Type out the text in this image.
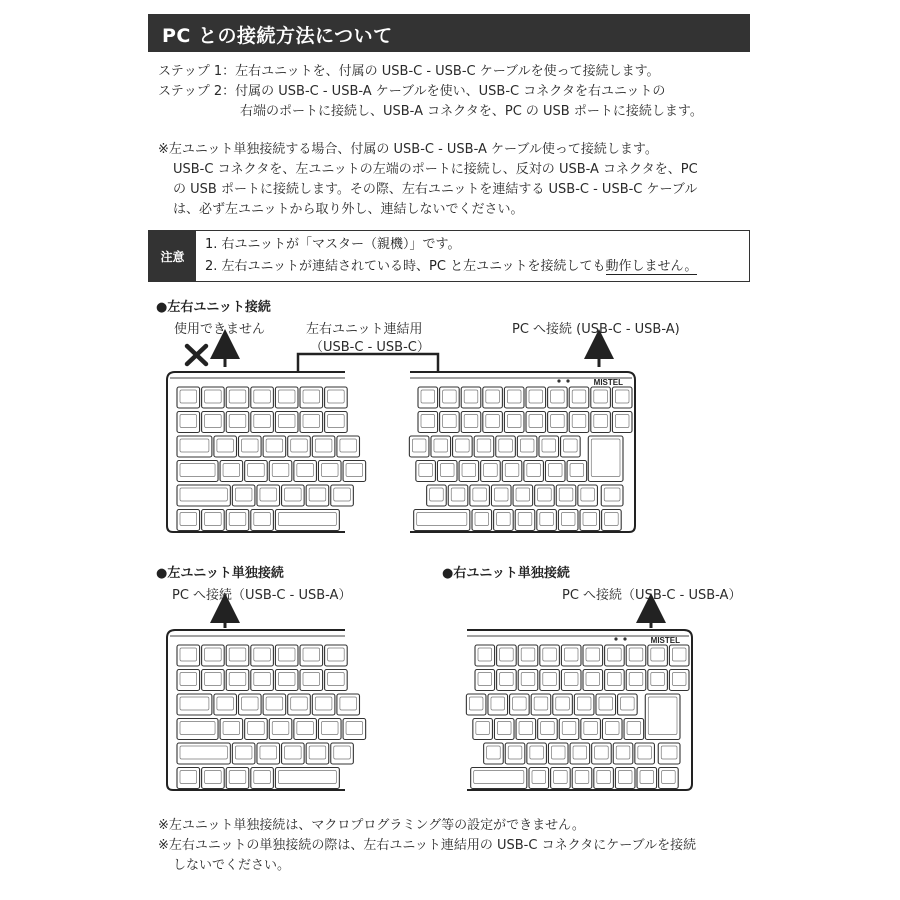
PC との接続方法について
ステップ 1：左右ユニットを、付属の USB-C - USB-C ケーブルを使って接続します。
ステップ 2：付属の USB-C - USB-A ケーブルを使い、USB-C コネクタを右ユニットの
右端のポートに接続し、USB-A コネクタを、PC の USB ポートに接続します。
※左ユニット単独接続する場合、付属の USB-C - USB-A ケーブル使って接続します。
USB-C コネクタを、左ユニットの左端のポートに接続し、反対の USB-A コネクタを、PC
の USB ポートに接続します。その際、左右ユニットを連結する USB-C - USB-C ケーブル
は、必ず左ユニットから取り外し、連結しないでください。
注意
1. 右ユニットが「マスター（親機）」です。
2. 左右ユニットが連結されている時、PC と左ユニットを接続しても動作しません。
●左右ユニット接続
使用できません	左右ユニット連結用
（USB-C - USB-C）
PC へ接続 (USB-C - USB-A)
●左ユニット単独接続
PC へ接続（USB-C - USB-A）
●右ユニット単独接続
PC へ接続（USB-C - USB-A）
※左ユニット単独接続は、マクロプログラミング等の設定ができません。
※左右ユニットの単独接続の際は、左右ユニット連結用の USB-C コネクタにケーブルを接続
しないでください。
MISTEL
MISTEL
